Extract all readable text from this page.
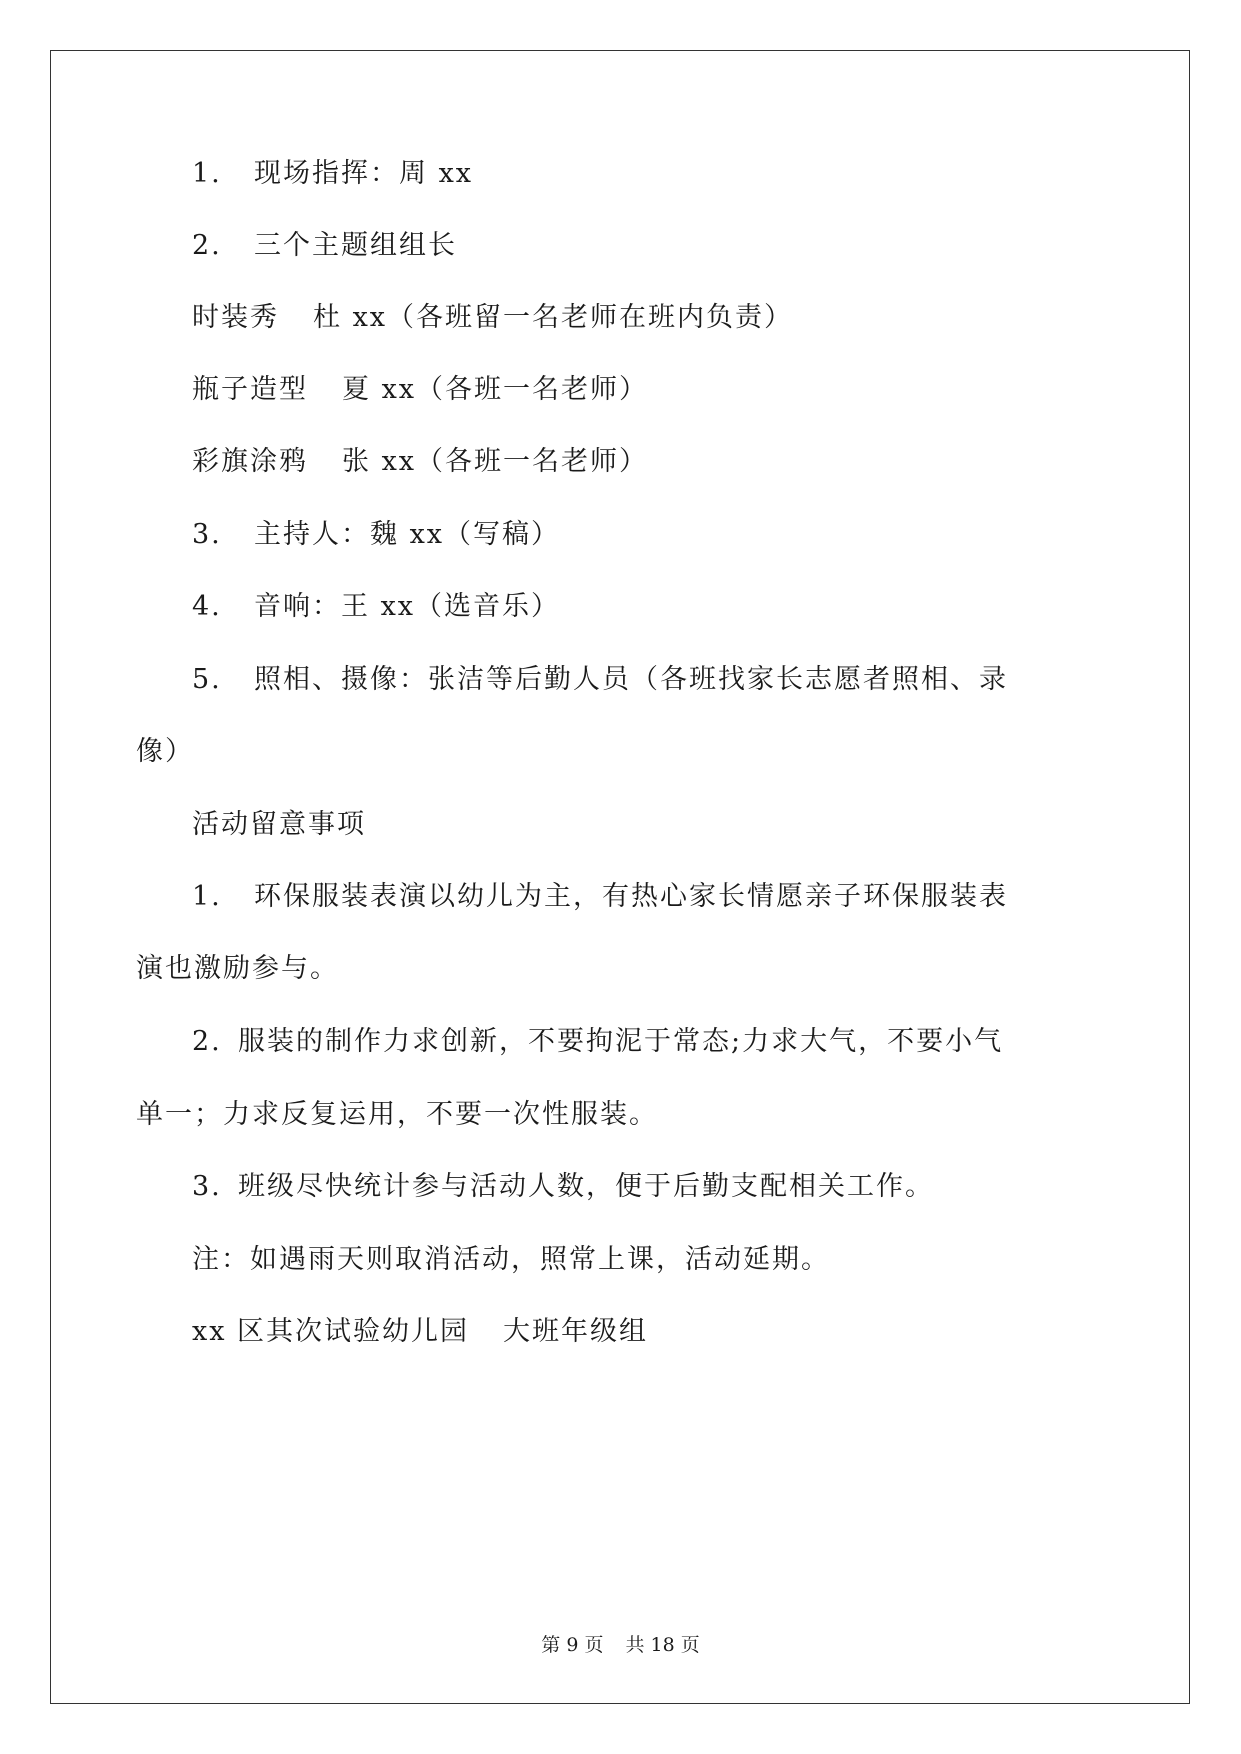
1. 现场指挥：周 xx
2. 三个主题组组长
时装秀 杜 xx（各班留一名老师在班内负责）
瓶子造型 夏 xx（各班一名老师）
彩旗涂鸦 张 xx（各班一名老师）
3. 主持人：魏 xx（写稿）
4. 音响：王 xx（选音乐）
5. 照相、摄像：张洁等后勤人员（各班找家长志愿者照相、录
像）
活动留意事项
1. 环保服装表演以幼儿为主，有热心家长情愿亲子环保服装表
演也激励参与。
2. 服装的制作力求创新，不要拘泥于常态;力求大气，不要小气
单一；力求反复运用，不要一次性服装。
3. 班级尽快统计参与活动人数，便于后勤支配相关工作。
注：如遇雨天则取消活动，照常上课，活动延期。
xx 区其次试验幼儿园 大班年级组
第 9 页 共 18 页
